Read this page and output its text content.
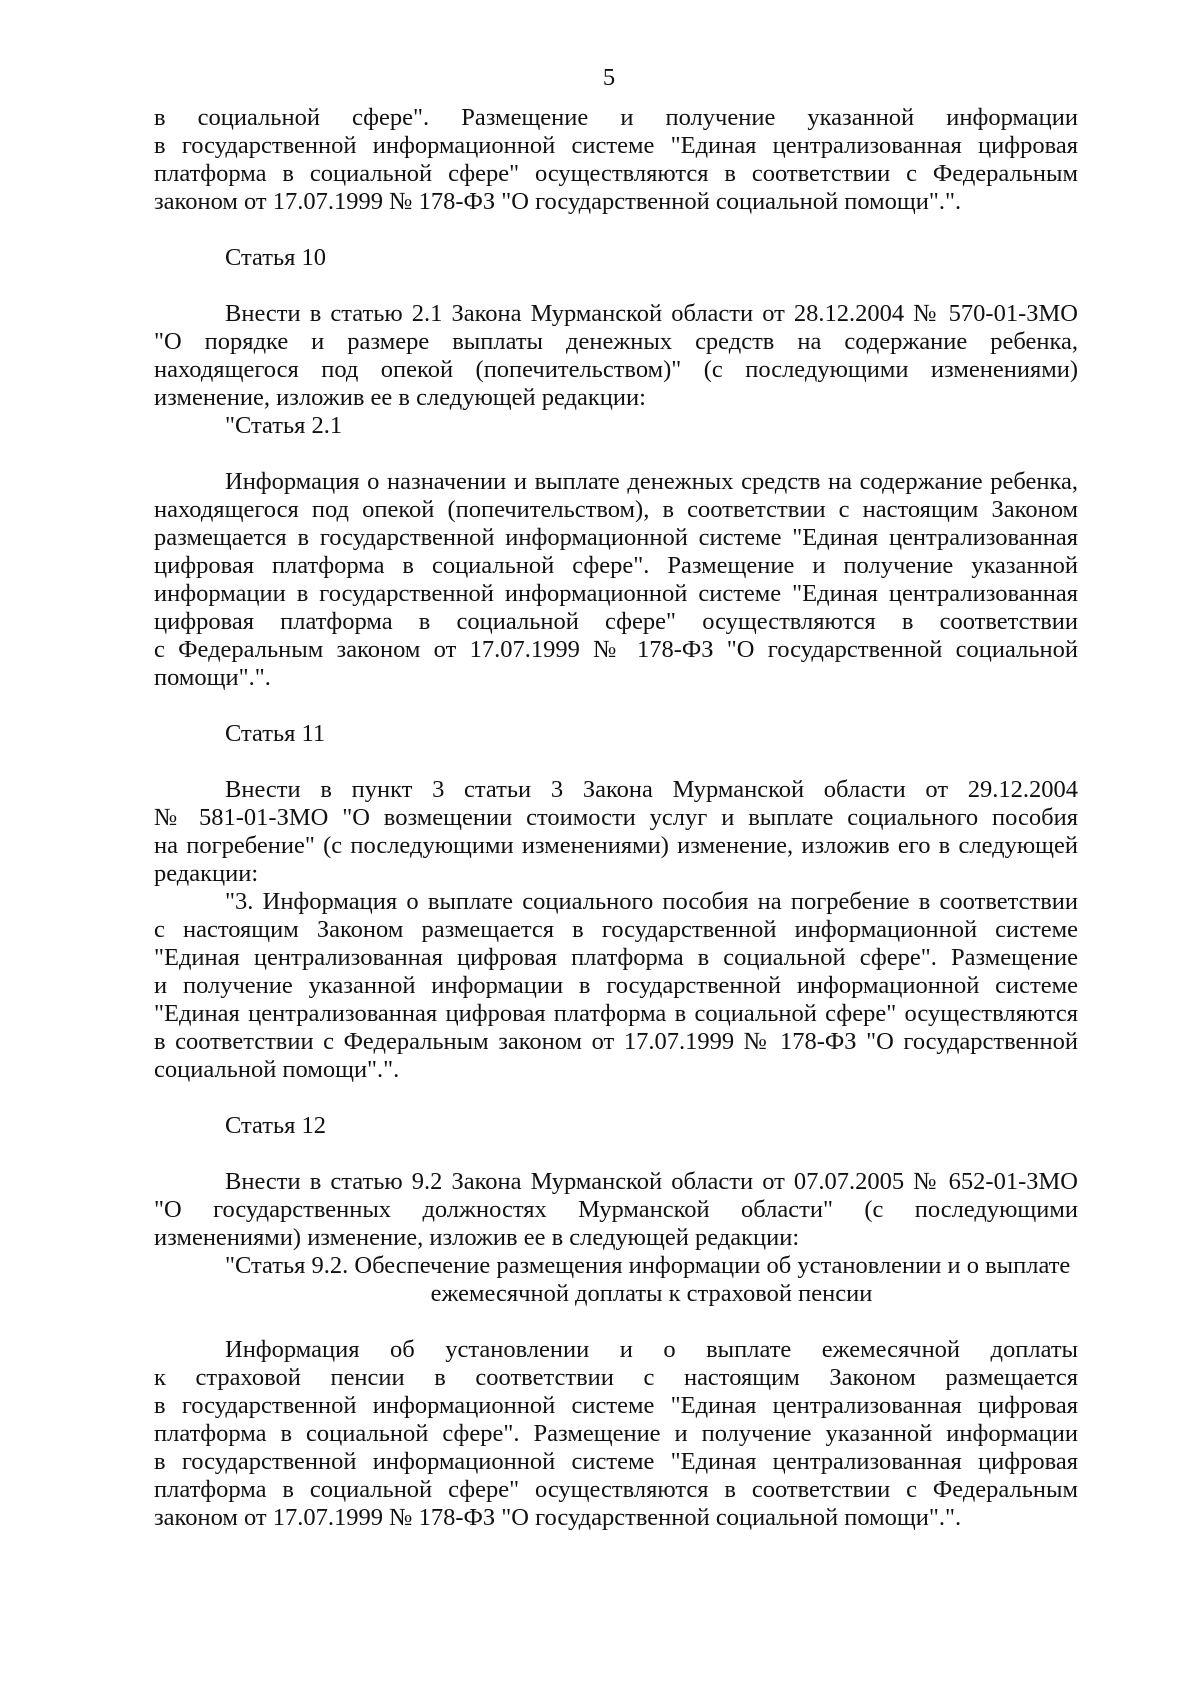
5

в социальной сфере". Размещение и получение указанной информации

в государственной информационной системе "Единая централизованная цифровая

платформа в социальной сфере" осуществляются в соответствии с Федеральным

законом от 17.07.1999 № 178-ФЗ "О государственной социальной помощи".".

Статья 10

Внести в статью 2.1 Закона Мурманской области от 28.12.2004 № 570-01-ЗМО

"О порядке и размере выплаты денежных средств на содержание ребенка,

находящегося под опекой (попечительством)" (с последующими изменениями)

изменение, изложив ее в следующей редакции:

"Статья 2.1

Информация о назначении и выплате денежных средств на содержание ребенка,

находящегося под опекой (попечительством), в соответствии с настоящим Законом

размещается в государственной информационной системе "Единая централизованная

цифровая платформа в социальной сфере". Размещение и получение указанной

информации в государственной информационной системе "Единая централизованная

цифровая платформа в социальной сфере" осуществляются в соответствии

с Федеральным законом от 17.07.1999 № 178-ФЗ "О государственной социальной

помощи".".

Статья 11

Внести в пункт 3 статьи 3 Закона Мурманской области от 29.12.2004

№ 581-01-ЗМО "О возмещении стоимости услуг и выплате социального пособия

на погребение" (с последующими изменениями) изменение, изложив его в следующей

редакции:

"3. Информация о выплате социального пособия на погребение в соответствии

с настоящим Законом размещается в государственной информационной системе

"Единая централизованная цифровая платформа в социальной сфере". Размещение

и получение указанной информации в государственной информационной системе

"Единая централизованная цифровая платформа в социальной сфере" осуществляются

в соответствии с Федеральным законом от 17.07.1999 № 178-ФЗ "О государственной

социальной помощи".".

Статья 12

Внести в статью 9.2 Закона Мурманской области от 07.07.2005 № 652-01-ЗМО

"О государственных должностях Мурманской области" (с последующими

изменениями) изменение, изложив ее в следующей редакции:

"Статья 9.2. Обеспечение размещения информации об установлении и о выплате

ежемесячной доплаты к страховой пенсии

Информация об установлении и о выплате ежемесячной доплаты

к страховой пенсии в соответствии с настоящим Законом размещается

в государственной информационной системе "Единая централизованная цифровая

платформа в социальной сфере". Размещение и получение указанной информации

в государственной информационной системе "Единая централизованная цифровая

платформа в социальной сфере" осуществляются в соответствии с Федеральным

законом от 17.07.1999 № 178-ФЗ "О государственной социальной помощи".".
